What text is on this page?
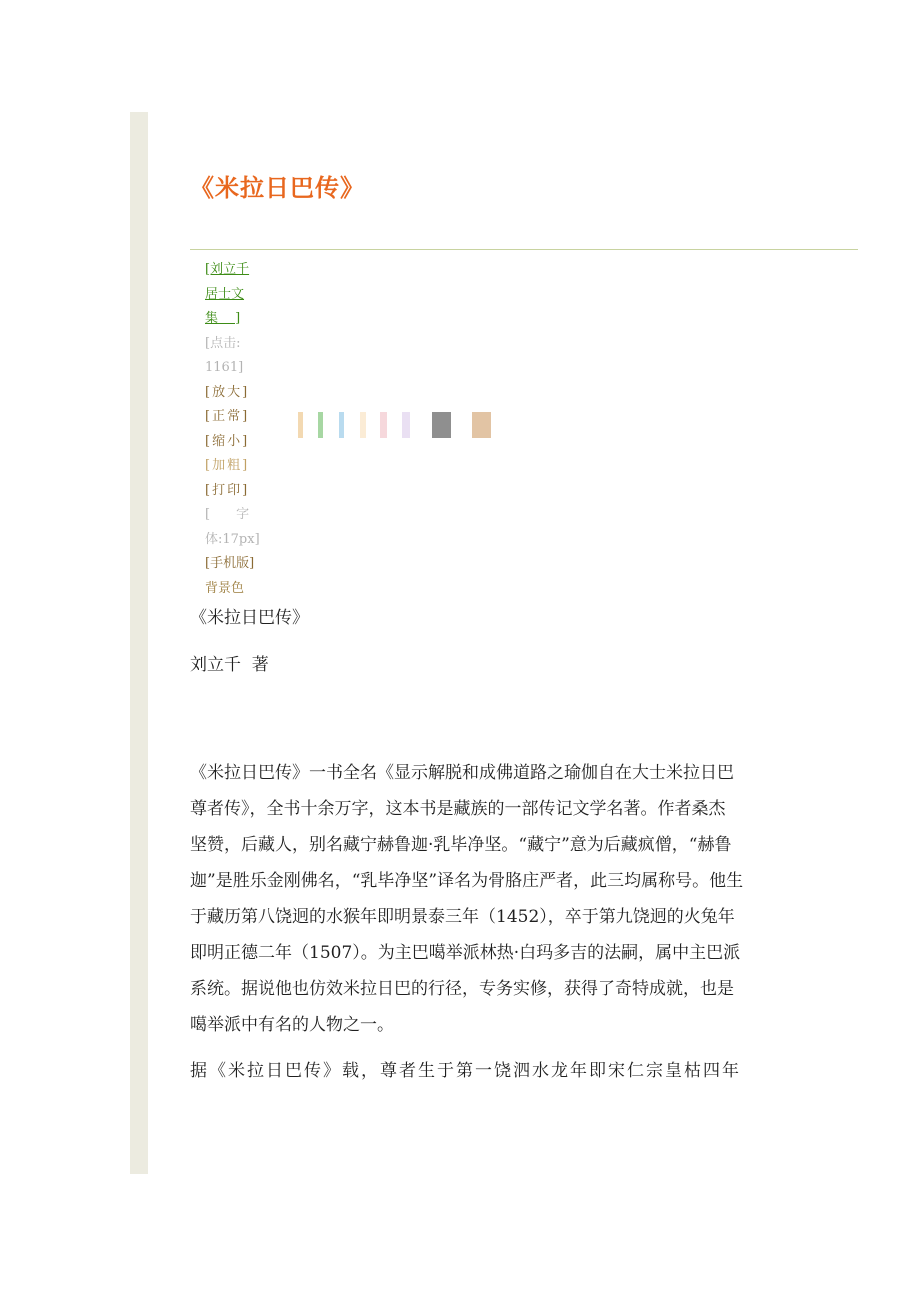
《米拉日巴传》
[刘立千
居士文
集　 ]
[点击:
1161]
[放大]
[正常]
[缩小]
[加粗]
[打印]
[　　字
体:17px]
[手机版]
背景色

《米拉日巴传》

刘立千  著

《米拉日巴传》一书全名《显示解脱和成佛道路之瑜伽自在大士米拉日巴
尊者传》，全书十余万字，这本书是藏族的一部传记文学名著。作者桑杰
坚赞，后藏人，别名藏宁赫鲁迦·乳毕净坚。“藏宁”意为后藏疯僧，“赫鲁
迦”是胜乐金刚佛名，“乳毕净坚”译名为骨胳庄严者，此三均属称号。他生
于藏历第八饶迥的水猴年即明景泰三年（1452），卒于第九饶迥的火兔年
即明正德二年（1507）。为主巴噶举派林热·白玛多吉的法嗣，属中主巴派
系统。据说他也仿效米拉日巴的行径，专务实修，获得了奇特成就，也是
噶举派中有名的人物之一。

据《米拉日巴传》载，尊者生于第一饶泗水龙年即宋仁宗皇枯四年
